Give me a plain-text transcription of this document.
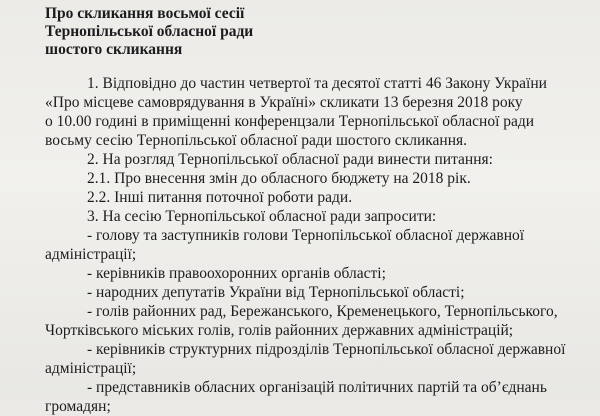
Про скликання восьмої сесії
Тернопільської обласної ради
шостого скликання
1. Відповідно до частин четвертої та десятої статті 46 Закону України
«Про місцеве самоврядування в Україні» скликати 13 березня 2018 року
о 10.00 годині в приміщенні конференцзали Тернопільської обласної ради
восьму сесію Тернопільської обласної ради шостого скликання.
2. На розгляд Тернопільської обласної ради винести питання:
2.1. Про внесення змін до обласного бюджету на 2018 рік.
2.2. Інші питання поточної роботи ради.
3. На сесію Тернопільської обласної ради запросити:
- голову та заступників голови Тернопільської обласної державної
адміністрації;
- керівників правоохоронних органів області;
- народних депутатів України від Тернопільської області;
- голів районних рад, Бережанського, Кременецького, Тернопільського,
Чортківського міських голів, голів районних державних адміністрацій;
- керівників структурних підрозділів Тернопільської обласної державної
адміністрації;
- представників обласних організацій політичних партій та об’єднань
громадян;
